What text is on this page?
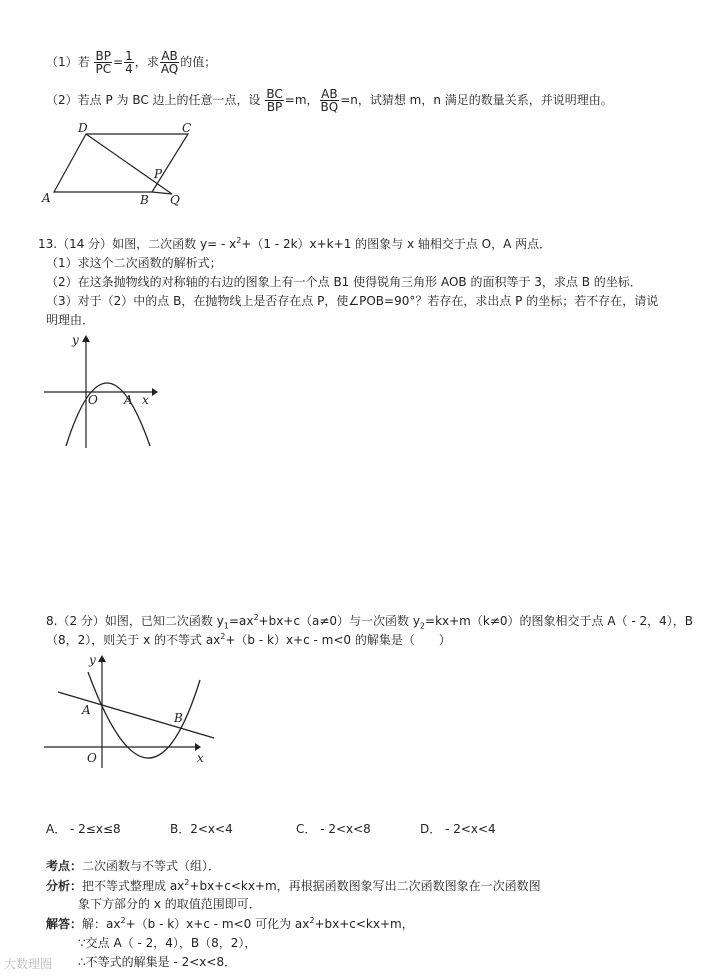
（1）若 $\frac{BP}{PC} = \frac{1}{4}$ ，求 $\frac{AB}{AQ}$ 的值；
（2）若点 P 为 BC 边上的任意一点，设 $\frac{BC}{BP} =m$， $\frac{AB}{BQ} =n$，试猜想 m，n 满足的数量关系，并说明理由。
A	B
C
D
P
Q
13.（14 分）如图，二次函数 $y= - x^2+(1 - 2k)x+k+1$ 的图象与 x 轴相交于点 O，A 两点．
（1）求这个二次函数的解析式；
（2）在这条抛物线的对称轴的右边的图象上有一个点 B1 使得锐角三角形 AOB 的面积等于 3，求点 B 的坐标．
（3）对于（2）中的点 B，在抛物线上是否存在点 P，使∠POB=90°？若存在，求出点 P 的坐标；若不存在，请说
明理由．
y
x
O A
8.（2 分）如图，已知二次函数 $y_1=ax^2+bx+c(a\ne 0)$与一次函数 $y_2=kx+m(k\ne 0)$的图象相交于点 A（ - 2，4），B
（8，2），则关于 x 的不等式 $ax^2+(b - k)x+c - m<0$ 的解集是（　　）
y
x
O
A
B
A． - 2≤x≤8	B．2<x<4	C． - 2<x<8	D． - 2<x<4
考点：二次函数与不等式（组）．
分析：把不等式整理成 $ax^2+bx+c<kx+m$，再根据函数图象写出二次函数图象在一次函数图
象下方部分的 x 的取值范围即可．
解答：解：$ax^2+(b - k)x+c - m<0$ 可化为 $ax^2+bx+c<kx+m$，
∵交点 A（ - 2，4），B（8，2），
∴不等式的解集是 - 2<x<8．
大数理圈
